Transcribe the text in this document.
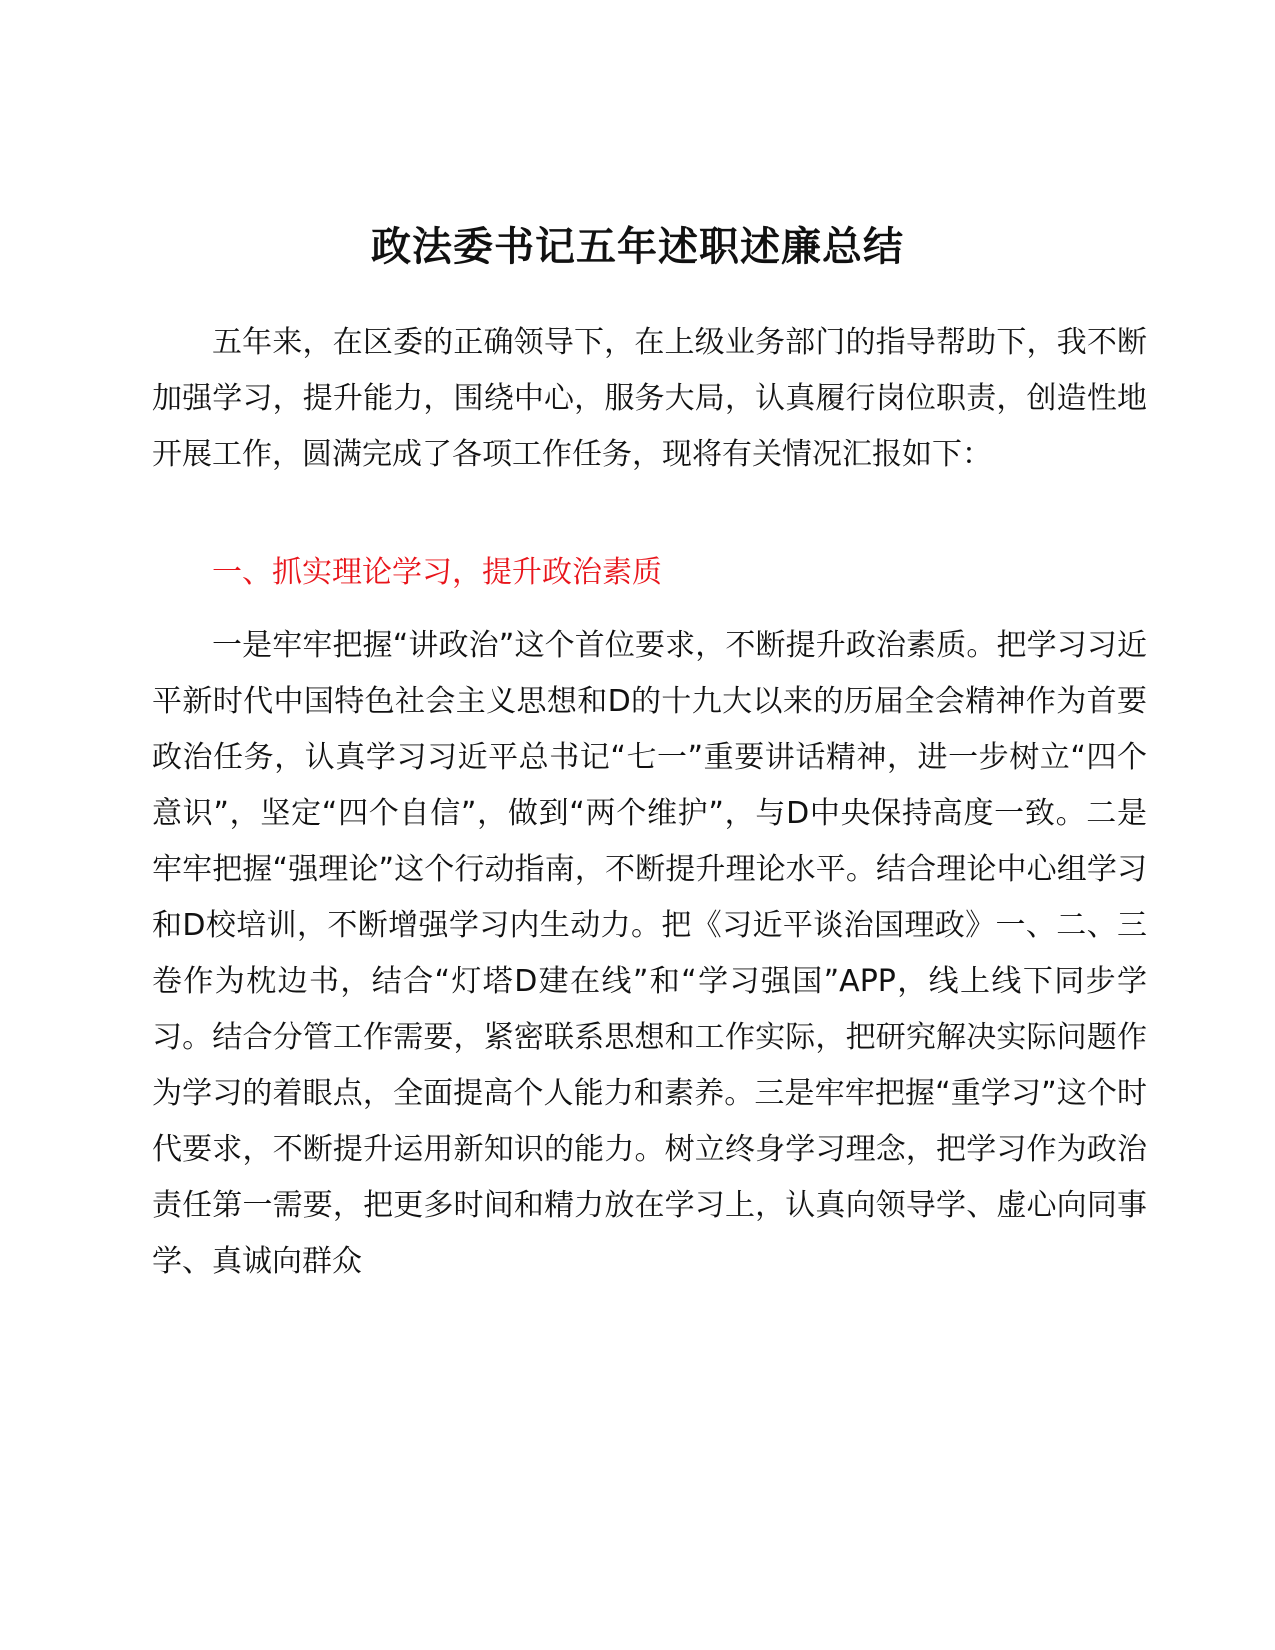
政法委书记五年述职述廉总结
五年来，在区委的正确领导下，在上级业务部门的指导帮助下，我不断加强学习，提升能力，围绕中心，服务大局，认真履行岗位职责，创造性地开展工作，圆满完成了各项工作任务，现将有关情况汇报如下：
一、抓实理论学习，提升政治素质
一是牢牢把握“讲政治”这个首位要求，不断提升政治素质。把学习习近平新时代中国特色社会主义思想和D的十九大以来的历届全会精神作为首要政治任务，认真学习习近平总书记“七一”重要讲话精神，进一步树立“四个意识”，坚定“四个自信”，做到“两个维护”，与D中央保持高度一致。二是牢牢把握“强理论”这个行动指南，不断提升理论水平。结合理论中心组学习和D校培训，不断增强学习内生动力。把《习近平谈治国理政》一、二、三卷作为枕边书，结合“灯塔D建在线”和“学习强国”APP，线上线下同步学习。结合分管工作需要，紧密联系思想和工作实际，把研究解决实际问题作为学习的着眼点，全面提高个人能力和素养。三是牢牢把握“重学习”这个时代要求，不断提升运用新知识的能力。树立终身学习理念，把学习作为政治责任第一需要，把更多时间和精力放在学习上，认真向领导学、虚心向同事学、真诚向群众
